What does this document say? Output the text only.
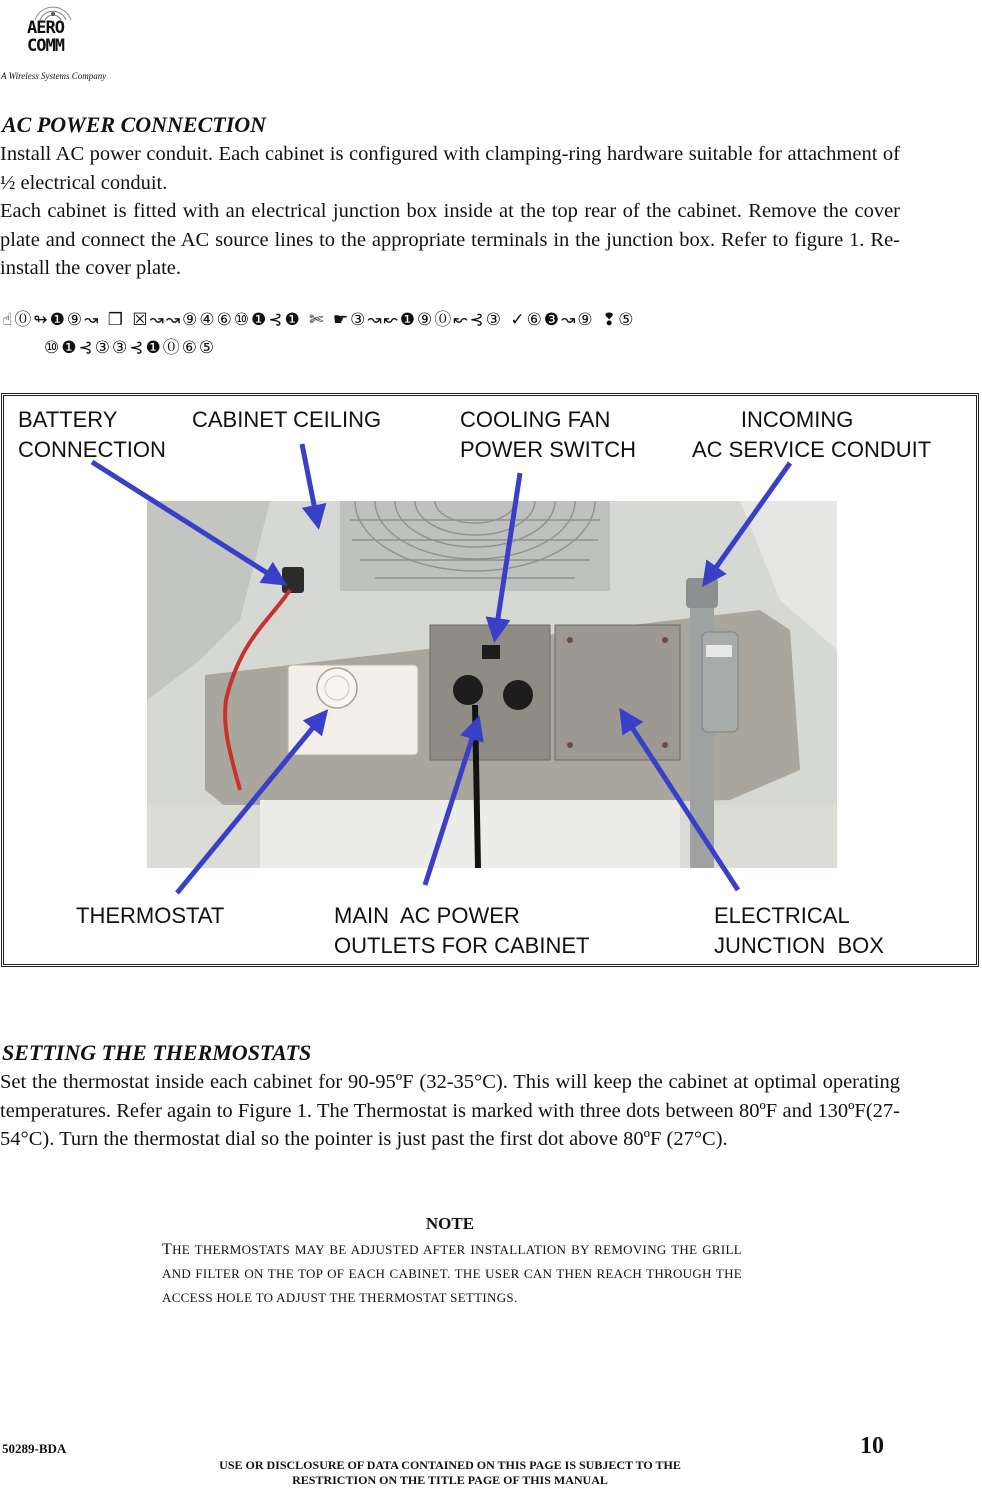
AERO
COMM
A Wireless Systems Company
AC POWER CONNECTION

Install AC power conduit. Each cabinet is configured with clamping-ring hardware suitable for attachment of ½ electrical conduit.

Each cabinet is fitted with an electrical junction box inside at the top rear of the cabinet. Remove the cover plate and connect the AC source lines to the appropriate terminals in the junction box. Refer to figure 1. Re-install the cover plate.

☝⓪↬❶⑨↝ ❒ ☒↝↝⑨④⑥⑩❶⊰❶ ✄ ☛③↝↜❶⑨⓪↜⊰③ ✓⑥❸↝⑨ ❢⑤
⑩❶⊰③③⊰❶⓪⑥⑤
BATTERY
CONNECTION
CABINET CEILING	COOLING FAN
POWER SWITCH
INCOMING
AC SERVICE CONDUIT
THERMOSTAT	MAIN  AC POWER
OUTLETS FOR CABINET
ELECTRICAL
JUNCTION  BOX
SETTING THE THERMOSTATS

Set the thermostat inside each cabinet for 90-95ºF (32-35°C). This will keep the cabinet at optimal operating temperatures. Refer again to Figure 1. The Thermostat is marked with three dots between 80ºF and 130ºF(27-54°C). Turn the thermostat dial so the pointer is just past the first dot above 80ºF (27°C).

NOTE
THE THERMOSTATS MAY BE ADJUSTED AFTER INSTALLATION BY REMOVING THE GRILL AND FILTER ON THE TOP OF EACH CABINET. THE USER CAN THEN REACH THROUGH THE ACCESS HOLE TO ADJUST THE THERMOSTAT SETTINGS.
50289-BDA
USE OR DISCLOSURE OF DATA CONTAINED ON THIS PAGE IS SUBJECT TO THE
RESTRICTION ON THE TITLE PAGE OF THIS MANUAL
10
